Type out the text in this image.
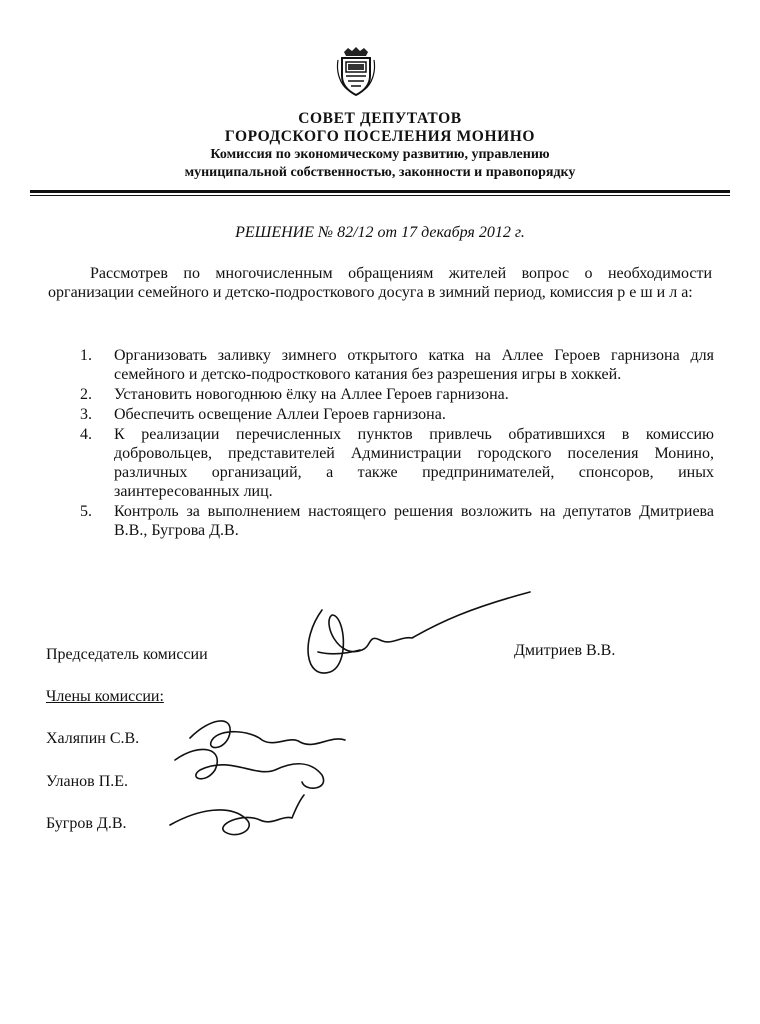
СОВЕТ ДЕПУТАТОВ
ГОРОДСКОГО ПОСЕЛЕНИЯ МОНИНО
Комиссия по экономическому развитию, управлению
муниципальной собственностью, законности и правопорядку
РЕШЕНИЕ № 82/12 от 17 декабря 2012 г.
Рассмотрев по многочисленным обращениям жителей вопрос о необходимости организации семейного и детско-подросткового досуга в зимний период, комиссия р е ш и л а:
1.	Организовать заливку зимнего открытого катка на Аллее Героев гарнизона для семейного и детско-подросткового катания без разрешения игры в хоккей.
2.	Установить новогоднюю ёлку на Аллее Героев гарнизона.
3.	Обеспечить освещение Аллеи Героев гарнизона.
4.	К реализации перечисленных пунктов привлечь обратившихся в комиссию добровольцев, представителей Администрации городского поселения Монино, различных организаций, а также предпринимателей, спонсоров, иных заинтересованных лиц.
5.	Контроль за выполнением настоящего решения возложить на депутатов Дмитриева В.В., Бугрова Д.В.
Председатель комиссии	Дмитриев В.В.
Члены комиссии:
Халяпин С.В.
Уланов П.Е.
Бугров Д.В.
